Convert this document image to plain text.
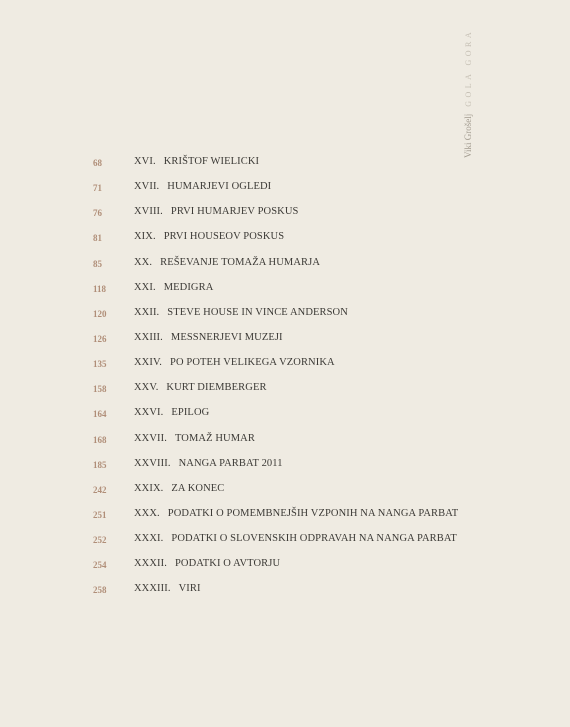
Viki Grošelj
GOLA GORA
68	XVI. KRIŠTOF WIELICKI
71	XVII. HUMARJEVI OGLEDI
76	XVIII. PRVI HUMARJEV POSKUS
81	XIX. PRVI HOUSEOV POSKUS
85	XX. REŠEVANJE TOMAŽA HUMARJA
118	XXI. MEDIGRA
120	XXII. STEVE HOUSE IN VINCE ANDERSON
126	XXIII. MESSNERJEVI MUZEJI
135	XXIV. PO POTEH VELIKEGA VZORNIKA
158	XXV. KURT DIEMBERGER
164	XXVI. EPILOG
168	XXVII. TOMAŽ HUMAR
185	XXVIII. NANGA PARBAT 2011
242	XXIX. ZA KONEC
251	XXX. PODATKI O POMEMBNEJŠIH VZPONIH NA NANGA PARBAT
252	XXXI. PODATKI O SLOVENSKIH ODPRAVAH NA NANGA PARBAT
254	XXXII. PODATKI O AVTORJU
258	XXXIII. VIRI
